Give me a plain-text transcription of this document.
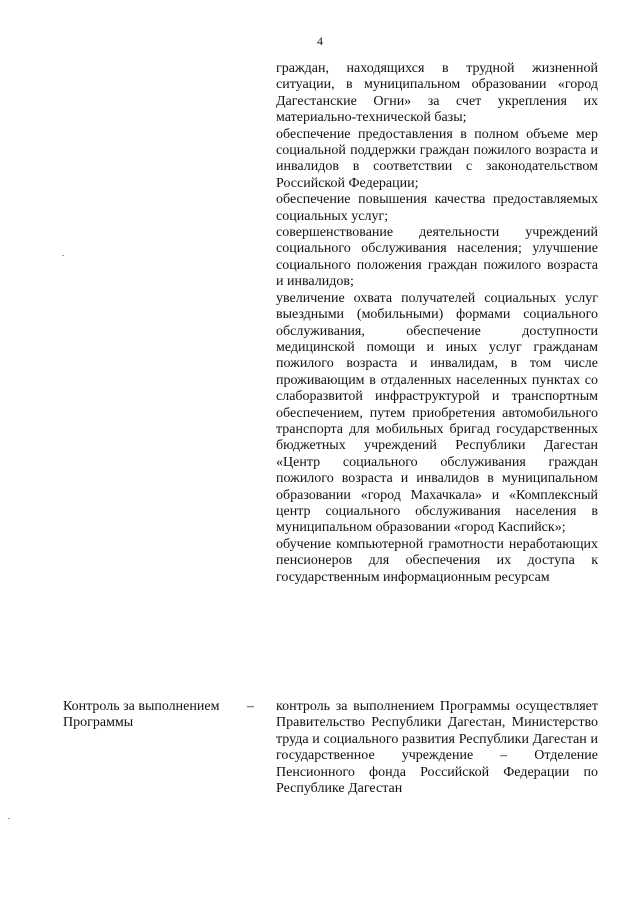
4

граждан, находящихся в трудной жизненной ситуации, в муниципальном образовании «город Дагестанские Огни» за счет укрепления их материально-технической базы;

обеспечение предоставления в полном объеме мер социальной поддержки граждан пожилого возраста и инвалидов в соответствии с законодательством Российской Федерации;

обеспечение повышения качества предоставляемых социальных услуг;

совершенствование деятельности учреждений социального обслуживания населения; улучшение социального положения граждан пожилого возраста и инвалидов;

увеличение охвата получателей социальных услуг выездными (мобильными) формами социального обслуживания, обеспечение доступности медицинской помощи и иных услуг гражданам пожилого возраста и инвалидам, в том числе проживающим в отдаленных населенных пунктах со слаборазвитой инфраструктурой и транспортным обеспечением, путем приобретения автомобильного транспорта для мобильных бригад государственных бюджетных учреждений Республики Дагестан «Центр социального обслуживания граждан пожилого возраста и инвалидов в муниципальном образовании «город Махачкала» и «Комплексный центр социального обслуживания населения в муниципальном образовании «город Каспийск»;

обучение компьютерной грамотности неработающих пенсионеров для обеспечения их доступа к государственным информационным ресурсам

Контроль за выполнением Программы
– контроль за выполнением Программы осуществляет Правительство Республики Дагестан, Министерство труда и социального развития Республики Дагестан и государственное учреждение – Отделение Пенсионного фонда Российской Федерации по Республике Дагестан
